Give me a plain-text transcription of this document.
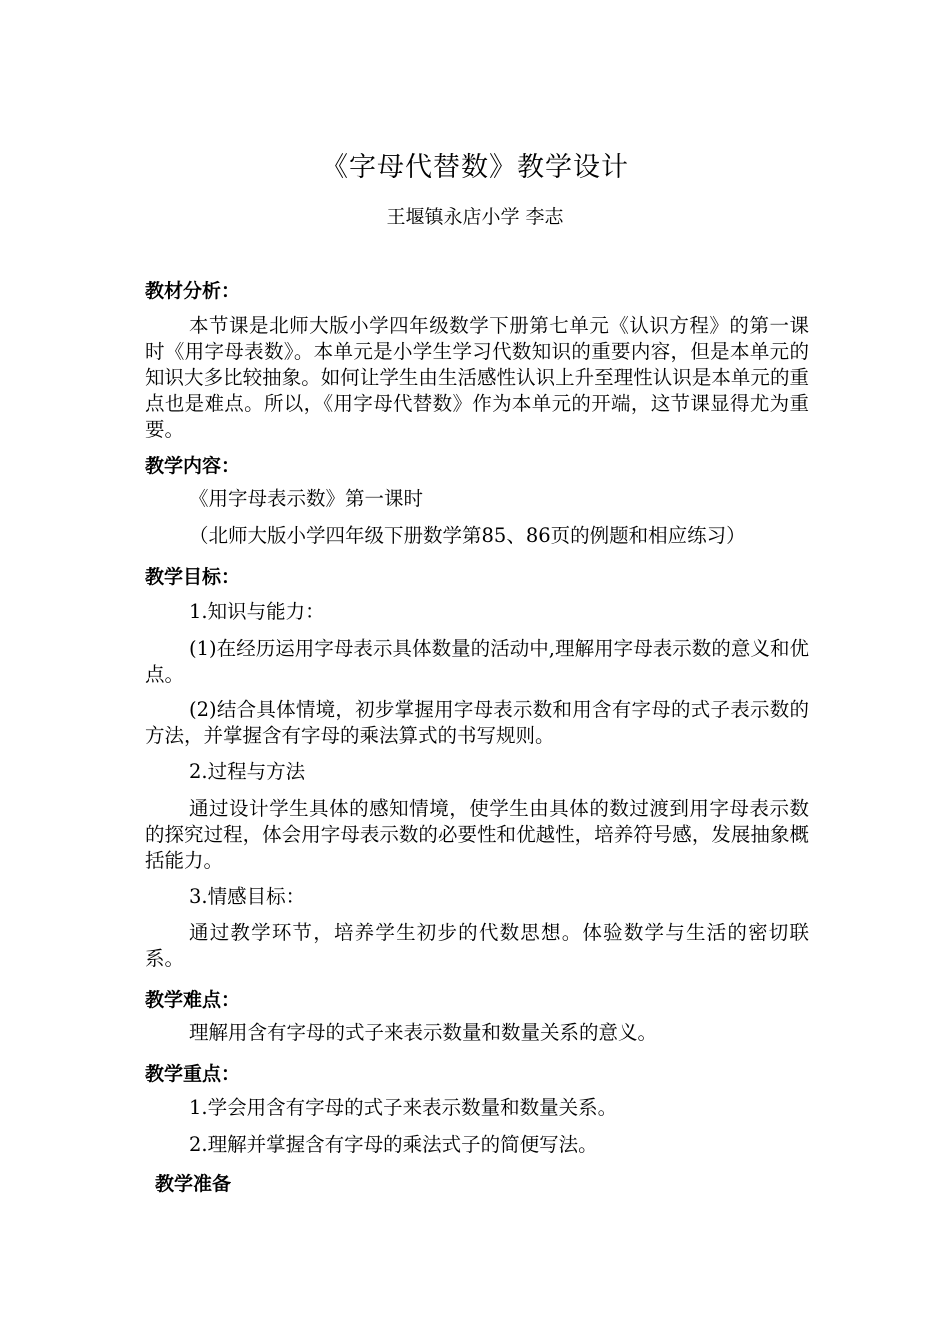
《字母代替数》教学设计
王堰镇永店小学 李志
教材分析：
本节课是北师大版小学四年级数学下册第七单元《认识方程》的第一课时《用字母表数》。本单元是小学生学习代数知识的重要内容，但是本单元的知识大多比较抽象。如何让学生由生活感性认识上升至理性认识是本单元的重点也是难点。所以，《用字母代替数》作为本单元的开端，这节课显得尤为重要。
教学内容：
《用字母表示数》第一课时
（北师大版小学四年级下册数学第85、86页的例题和相应练习）
教学目标：
1.知识与能力：
(1)在经历运用字母表示具体数量的活动中,理解用字母表示数的意义和优点。
(2)结合具体情境，初步掌握用字母表示数和用含有字母的式子表示数的方法，并掌握含有字母的乘法算式的书写规则。
2.过程与方法
通过设计学生具体的感知情境，使学生由具体的数过渡到用字母表示数的探究过程，体会用字母表示数的必要性和优越性，培养符号感，发展抽象概括能力。
3.情感目标：
通过教学环节，培养学生初步的代数思想。体验数学与生活的密切联系。
教学难点：
理解用含有字母的式子来表示数量和数量关系的意义。
教学重点：
1.学会用含有字母的式子来表示数量和数量关系。
2.理解并掌握含有字母的乘法式子的简便写法。
教学准备
